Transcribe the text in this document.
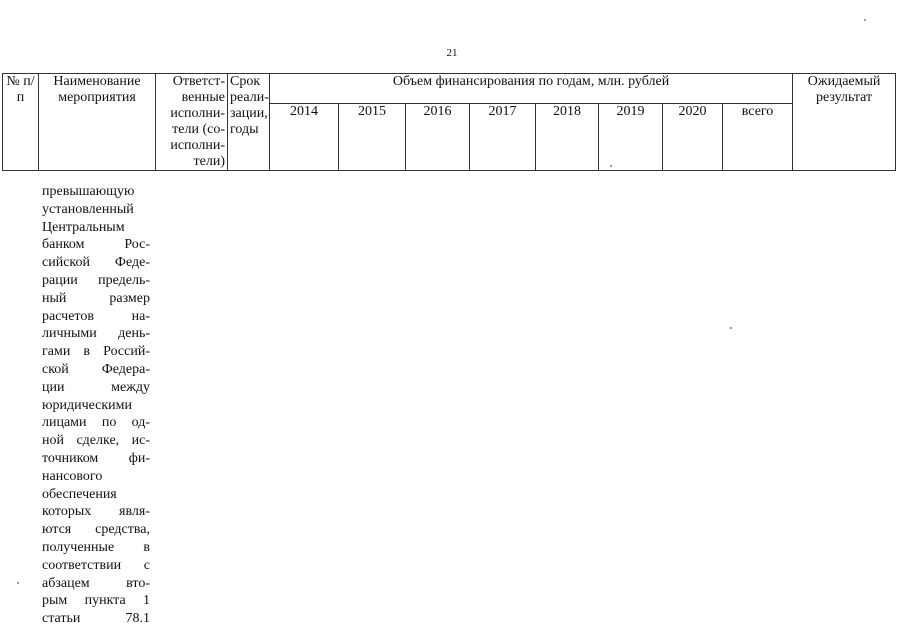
21
№ п/п	Наименование мероприятия	Ответст-венные исполни-тели (со-исполни-тели)	Срок реали-зации, годы	Объем финансирования по годам, млн. рублей								Ожидаемый результат
				2014	2015	2016	2017	2018	2019	2020	всего	
превышающую
установленный
Центральным
банком Рос-
сийской Феде-
рации предель-
ный размер
расчетов на-
личными день-
гами в Россий-
ской Федера-
ции между
юридическими
лицами по од-
ной сделке, ис-
точником фи-
нансового
обеспечения
которых явля-
ются средства,
полученные в
соответствии с
абзацем вто-
рым пункта 1
статьи 78.1
